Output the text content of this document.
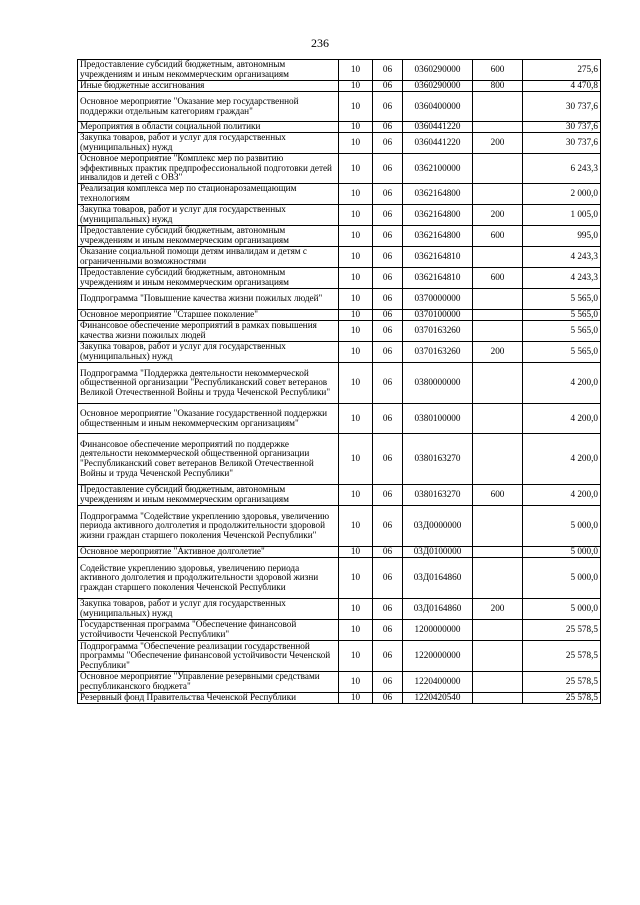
236
Предоставление субсидий бюджетным, автономным учреждениям и иным некоммерческим организациям	10	06	0360290000	600	275,6
Иные бюджетные ассигнования	10	06	0360290000	800	4 470,8
Основное мероприятие "Оказание мер государственной поддержки отдельным категориям граждан"	10	06	0360400000		30 737,6
Мероприятия в области социальной политики	10	06	0360441220		30 737,6
Закупка товаров, работ и услуг для государственных (муниципальных) нужд	10	06	0360441220	200	30 737,6
Основное мероприятие "Комплекс мер по развитию эффективных практик предпрофессиональной подготовки детей инвалидов и детей с ОВЗ"	10	06	0362100000		6 243,3
Реализация комплекса мер по стационарозамещающим технологиям	10	06	0362164800		2 000,0
Закупка товаров, работ и услуг для государственных (муниципальных) нужд	10	06	0362164800	200	1 005,0
Предоставление субсидий бюджетным, автономным учреждениям и иным некоммерческим организациям	10	06	0362164800	600	995,0
Оказание социальной помощи детям инвалидам и детям с ограниченными возможностями	10	06	0362164810		4 243,3
Предоставление субсидий бюджетным, автономным учреждениям и иным некоммерческим организациям	10	06	0362164810	600	4 243,3
Подпрограмма "Повышение качества жизни пожилых людей"	10	06	0370000000		5 565,0
Основное мероприятие "Старшее поколение"	10	06	0370100000		5 565,0
Финансовое обеспечение мероприятий в рамках повышения качества жизни пожилых людей	10	06	0370163260		5 565,0
Закупка товаров, работ и услуг для государственных (муниципальных) нужд	10	06	0370163260	200	5 565,0
Подпрограмма "Поддержка деятельности некоммерческой общественной организации "Республиканский совет ветеранов Великой Отечественной Войны и труда Чеченской Республики"	10	06	0380000000		4 200,0
Основное мероприятие "Оказание государственной поддержки общественным и иным некоммерческим организациям"	10	06	0380100000		4 200,0
Финансовое обеспечение мероприятий по поддержке деятельности некоммерческой общественной организации "Республиканский совет ветеранов Великой Отечественной Войны и труда Чеченской Республики"	10	06	0380163270		4 200,0
Предоставление субсидий бюджетным, автономным учреждениям и иным некоммерческим организациям	10	06	0380163270	600	4 200,0
Подпрограмма "Содействие укреплению здоровья, увеличению периода активного долголетия и продолжительности здоровой жизни граждан старшего поколения Чеченской Республики"	10	06	03Д0000000		5 000,0
Основное мероприятие "Активное долголетие"	10	06	03Д0100000		5 000,0
Содействие укреплению здоровья, увеличению периода активного долголетия и продолжительности здоровой жизни граждан старшего поколения Чеченской Республики	10	06	03Д0164860		5 000,0
Закупка товаров, работ и услуг для государственных (муниципальных) нужд	10	06	03Д0164860	200	5 000,0
Государственная программа "Обеспечение финансовой устойчивости Чеченской Республики"	10	06	1200000000		25 578,5
Подпрограмма "Обеспечение реализации государственной программы "Обеспечение финансовой устойчивости Чеченской Республики"	10	06	1220000000		25 578,5
Основное мероприятие "Управление резервными средствами республиканского бюджета"	10	06	1220400000		25 578,5
Резервный фонд Правительства Чеченской Республики	10	06	1220420540		25 578,5
